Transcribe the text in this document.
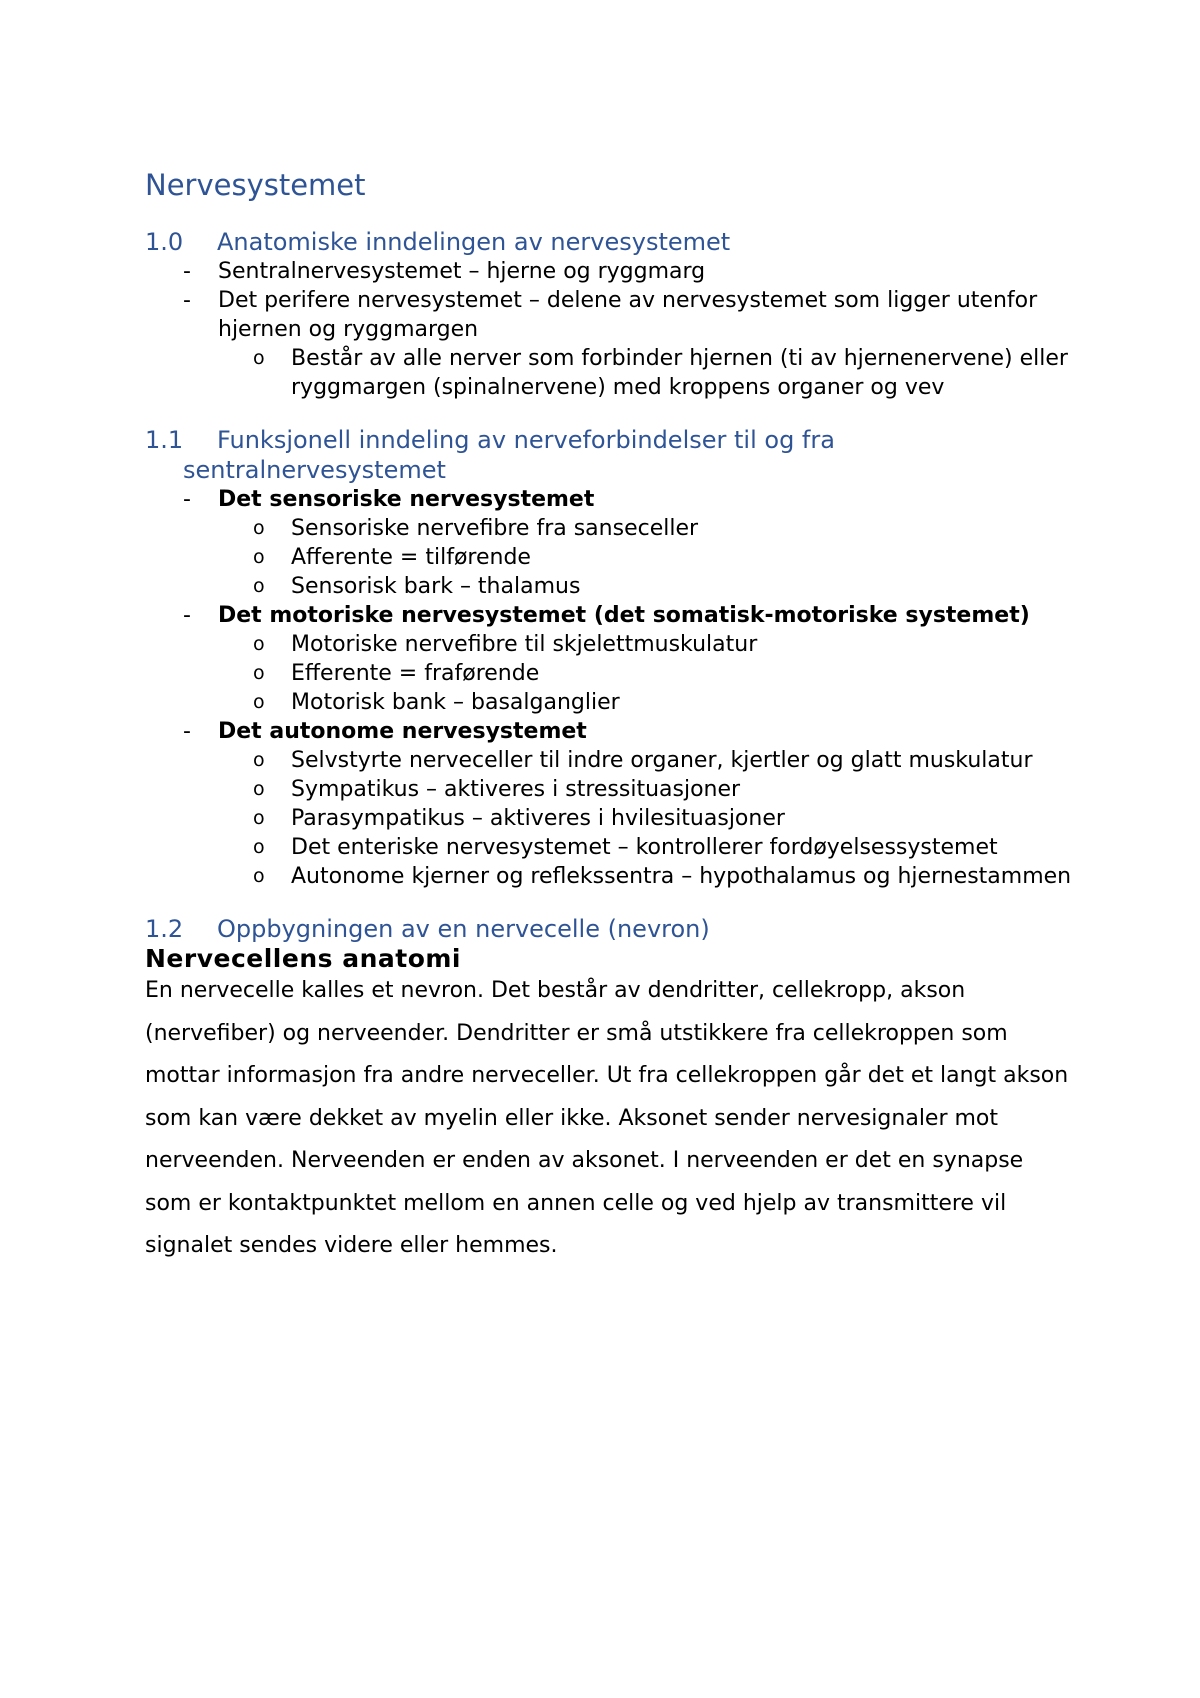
Nervesystemet
1.0 Anatomiske inndelingen av nervesystemet
- Sentralnervesystemet – hjerne og ryggmarg
- Det perifere nervesystemet – delene av nervesystemet som ligger utenfor hjernen og ryggmargen
o Består av alle nerver som forbinder hjernen (ti av hjernenervene) eller ryggmargen (spinalnervene) med kroppens organer og vev
1.1 Funksjonell inndeling av nerveforbindelser til og fra sentralnervesystemet
- Det sensoriske nervesystemet
o Sensoriske nervefibre fra sanseceller
o Afferente = tilførende
o Sensorisk bark – thalamus
- Det motoriske nervesystemet (det somatisk-motoriske systemet)
o Motoriske nervefibre til skjelettmuskulatur
o Efferente = fraførende
o Motorisk bank – basalganglier
- Det autonome nervesystemet
o Selvstyrte nerveceller til indre organer, kjertler og glatt muskulatur
o Sympatikus – aktiveres i stressituasjoner
o Parasympatikus – aktiveres i hvilesituasjoner
o Det enteriske nervesystemet – kontrollerer fordøyelsessystemet
o Autonome kjerner og reflekssentra – hypothalamus og hjernestammen
1.2 Oppbygningen av en nervecelle (nevron)
Nervecellens anatomi

En nervecelle kalles et nevron. Det består av dendritter, cellekropp, akson (nervefiber) og nerveender. Dendritter er små utstikkere fra cellekroppen som mottar informasjon fra andre nerveceller. Ut fra cellekroppen går det et langt akson som kan være dekket av myelin eller ikke. Aksonet sender nervesignaler mot nerveenden. Nerveenden er enden av aksonet. I nerveenden er det en synapse som er kontaktpunktet mellom en annen celle og ved hjelp av transmittere vil signalet sendes videre eller hemmes.
